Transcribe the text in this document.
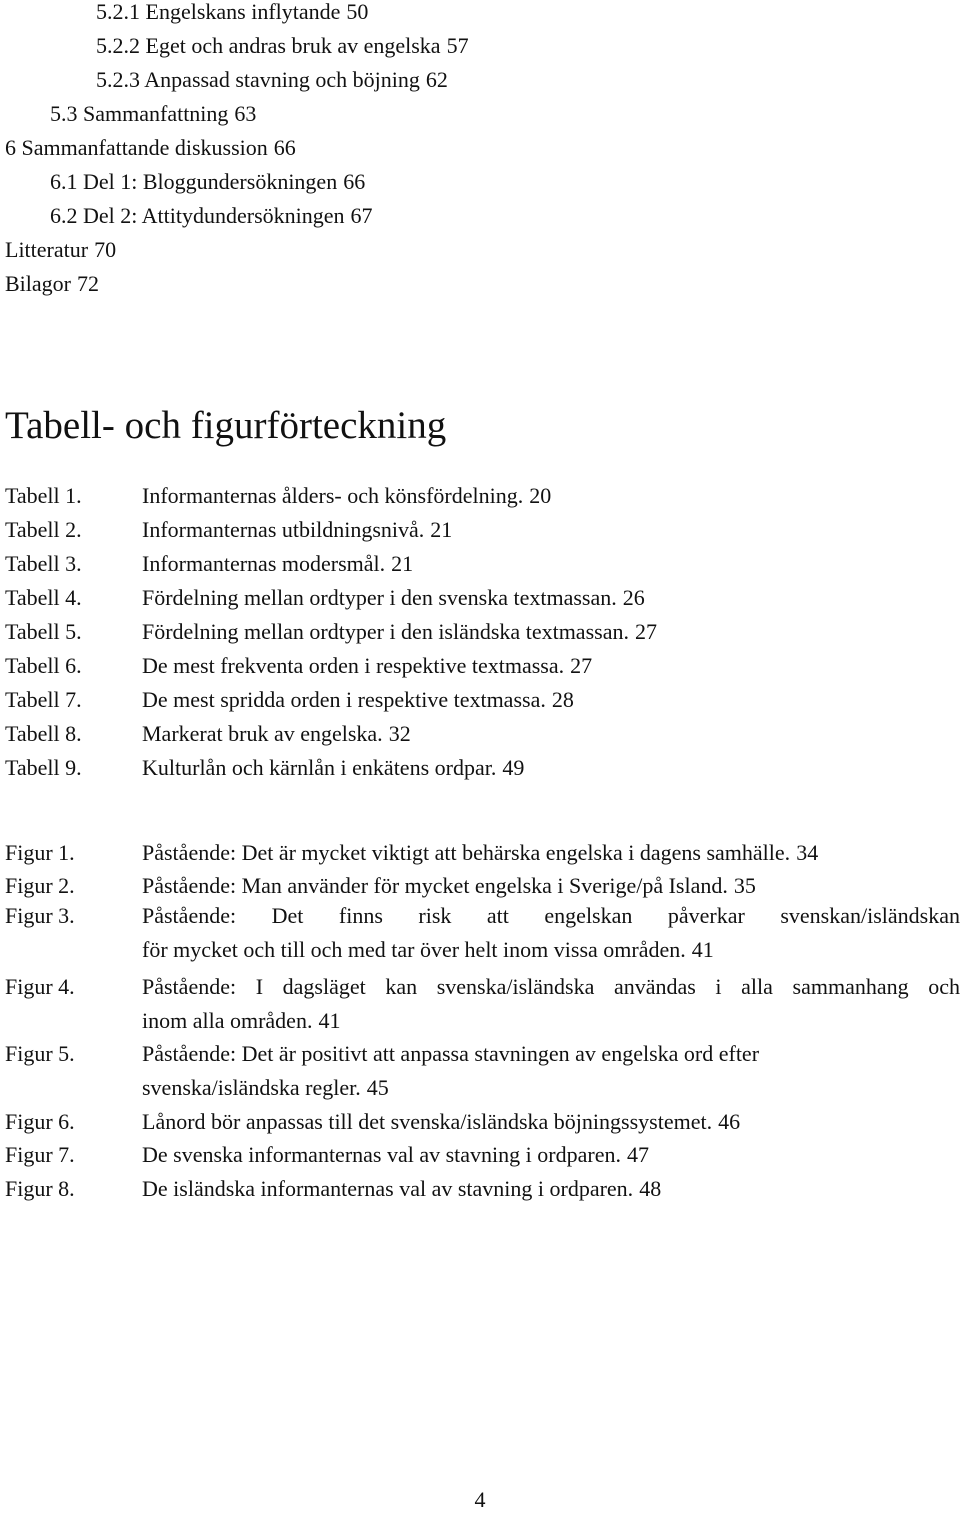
5.2.1 Engelskans inflytande 50
5.2.2 Eget och andras bruk av engelska 57
5.2.3 Anpassad stavning och böjning 62
5.3 Sammanfattning 63
6 Sammanfattande diskussion 66
6.1 Del 1: Bloggundersökningen 66
6.2 Del 2: Attitydundersökningen 67
Litteratur 70
Bilagor 72
Tabell- och figurförteckning
Tabell 1.	Informanternas ålders- och könsfördelning. 20
Tabell 2.	Informanternas utbildningsnivå. 21
Tabell 3.	Informanternas modersmål. 21
Tabell 4.	Fördelning mellan ordtyper i den svenska textmassan. 26
Tabell 5.	Fördelning mellan ordtyper i den isländska textmassan. 27
Tabell 6.	De mest frekventa orden i respektive textmassa. 27
Tabell 7.	De mest spridda orden i respektive textmassa. 28
Tabell 8.	Markerat bruk av engelska. 32
Tabell 9.	Kulturlån och kärnlån i enkätens ordpar. 49
Figur 1.	Påstående: Det är mycket viktigt att behärska engelska i dagens samhälle. 34
Figur 2.	Påstående: Man använder för mycket engelska i Sverige/på Island. 35
Figur 3.	Påstående: Det finns risk att engelskan påverkar svenskan/isländskan
för mycket och till och med tar över helt inom vissa områden. 41
Figur 4.	Påstående: I dagsläget kan svenska/isländska användas i alla sammanhang och
inom alla områden. 41
Figur 5.	Påstående: Det är positivt att anpassa stavningen av engelska ord efter
svenska/isländska regler. 45
Figur 6.	Lånord bör anpassas till det svenska/isländska böjningssystemet. 46
Figur 7.	De svenska informanternas val av stavning i ordparen. 47
Figur 8.	De isländska informanternas val av stavning i ordparen. 48
4
